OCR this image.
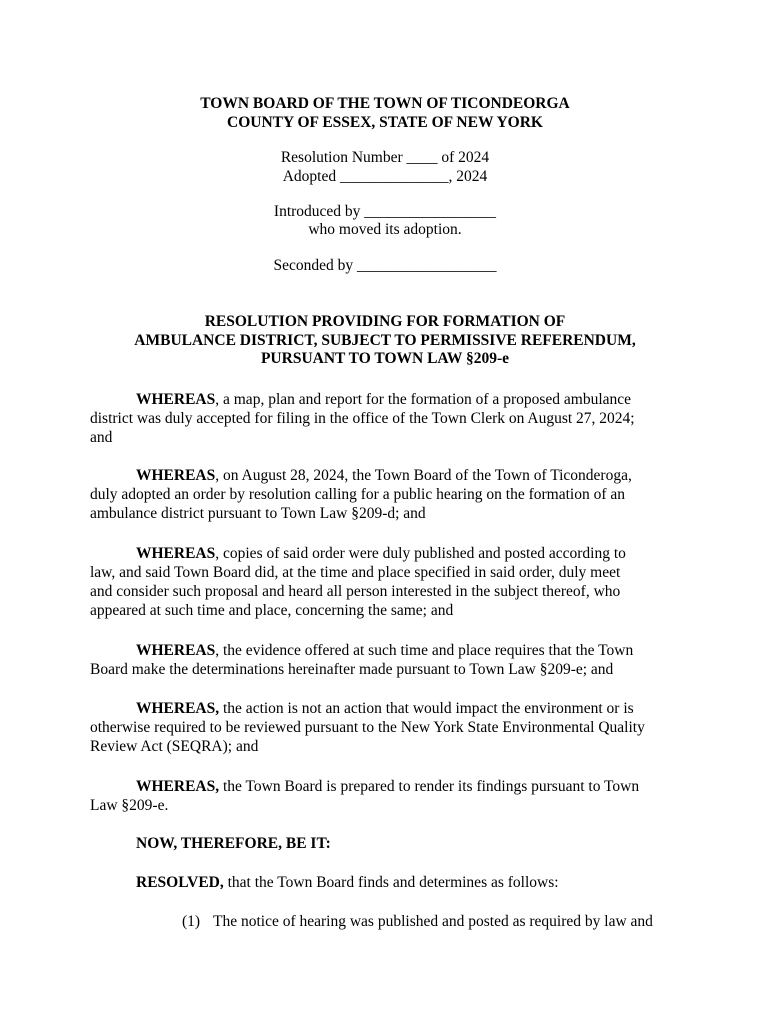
TOWN BOARD OF THE TOWN OF TICONDEORGA
COUNTY OF ESSEX, STATE OF NEW YORK
Resolution Number ____ of 2024
Adopted ______________, 2024
Introduced by _________________
who moved its adoption.
Seconded by __________________
RESOLUTION PROVIDING FOR FORMATION OF
AMBULANCE DISTRICT, SUBJECT TO PERMISSIVE REFERENDUM,
PURSUANT TO TOWN LAW §209-e
WHEREAS, a map, plan and report for the formation of a proposed ambulance
district was duly accepted for filing in the office of the Town Clerk on August 27, 2024;
and
WHEREAS, on August 28, 2024, the Town Board of the Town of Ticonderoga,
duly adopted an order by resolution calling for a public hearing on the formation of an
ambulance district pursuant to Town Law §209-d; and
WHEREAS, copies of said order were duly published and posted according to
law, and said Town Board did, at the time and place specified in said order, duly meet
and consider such proposal and heard all person interested in the subject thereof, who
appeared at such time and place, concerning the same; and
WHEREAS, the evidence offered at such time and place requires that the Town
Board make the determinations hereinafter made pursuant to Town Law §209-e; and
WHEREAS, the action is not an action that would impact the environment or is
otherwise required to be reviewed pursuant to the New York State Environmental Quality
Review Act (SEQRA); and
WHEREAS, the Town Board is prepared to render its findings pursuant to Town
Law §209-e.
NOW, THEREFORE, BE IT:
RESOLVED, that the Town Board finds and determines as follows:
(1) The notice of hearing was published and posted as required by law and
